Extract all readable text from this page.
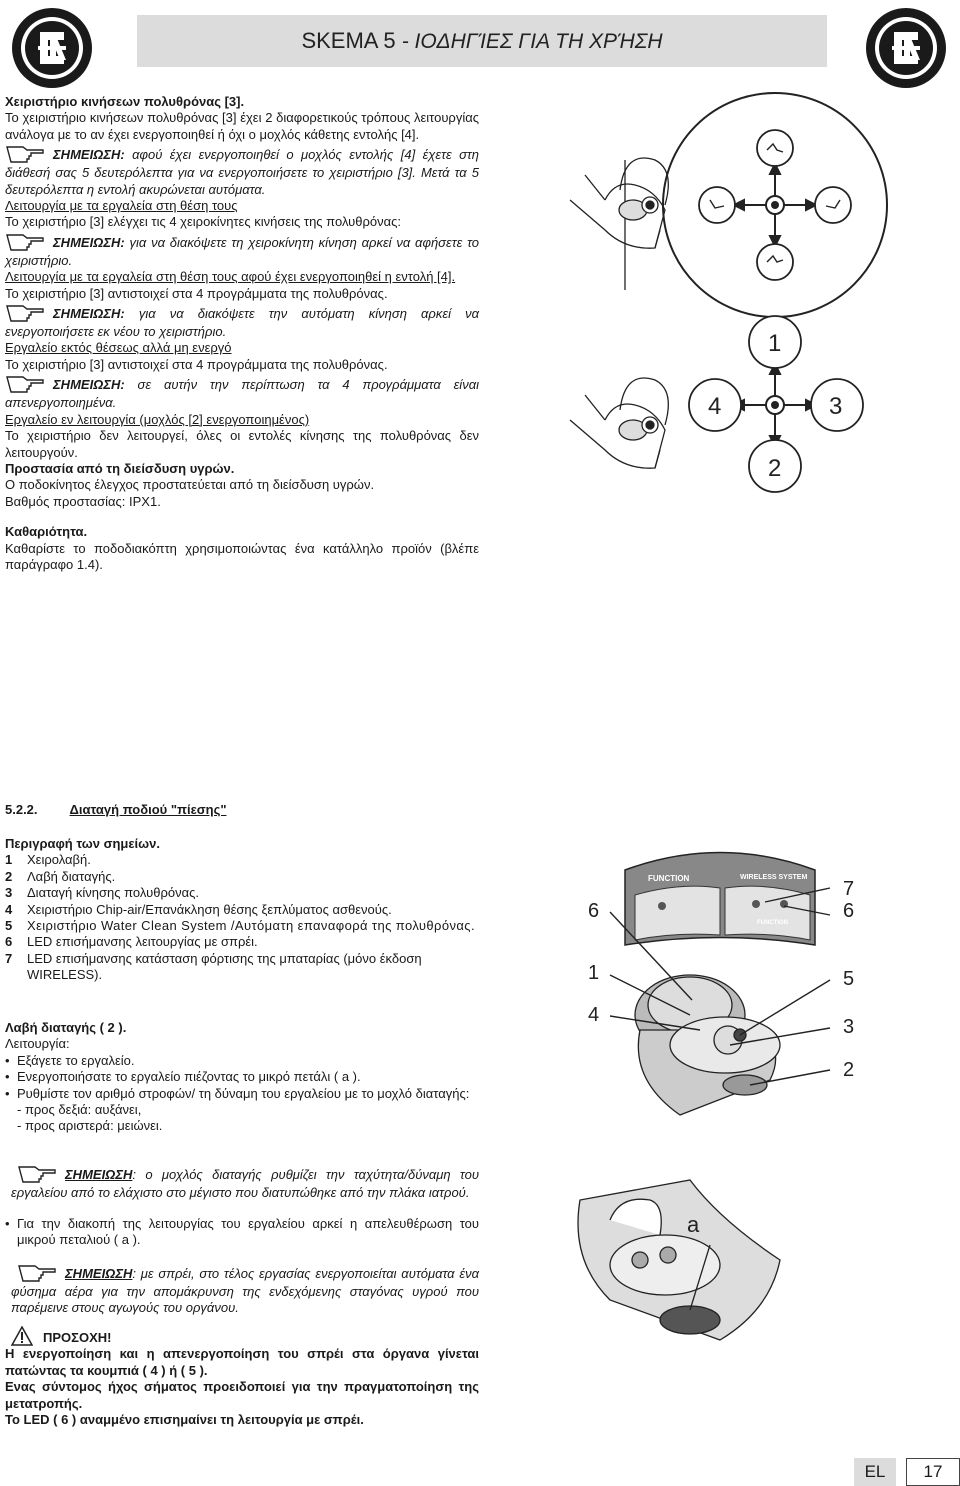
SKEMA 5 - ΙΟΔΗΓΊΕΣ ΓΙΑ ΤΗ ΧΡΉΣΗ

Χειριστήριο κινήσεων πολυθρόνας [3].

Το χειριστήριο κινήσεων πολυθρόνας [3] έχει 2 διαφορετικούς τρόπους λειτουργίας ανάλογα με το αν έχει ενεργοποιηθεί ή όχι ο μοχλός κάθετης εντολής [4].

ΣΗΜΕΙΩΣΗ: αφού έχει ενεργοποιηθεί ο μοχλός εντολής [4] έχετε στη διάθεσή σας 5 δευτερόλεπτα για να ενεργοποιήσετε το χειριστήριο [3]. Μετά τα 5 δευτερόλεπτα η εντολή ακυρώνεται αυτόματα.

Λειτουργία με τα εργαλεία στη θέση τους

Το χειριστήριο [3] ελέγχει τις 4 χειροκίνητες κινήσεις της πολυθρόνας:

ΣΗΜΕΙΩΣΗ: για να διακόψετε τη χειροκίνητη κίνηση αρκεί να αφήσετε το χειριστήριο.

Λειτουργία με τα εργαλεία στη θέση τους αφού έχει ενεργοποιηθεί η εντολή [4].

Το χειριστήριο [3] αντιστοιχεί στα 4 προγράμματα της πολυθρόνας.

ΣΗΜΕΙΩΣΗ: για να διακόψετε την αυτόματη κίνηση αρκεί να ενεργοποιήσετε εκ νέου το χειριστήριο.

Εργαλείο εκτός θέσεως αλλά μη ενεργό

Το χειριστήριο [3] αντιστοιχεί στα 4 προγράμματα της πολυθρόνας.

ΣΗΜΕΙΩΣΗ: σε αυτήν την περίπτωση τα 4 προγράμματα είναι απενεργοποιημένα.

Εργαλείο εν λειτουργία (μοχλός [2] ενεργοποιημένος)

Το χειριστήριο δεν λειτουργεί, όλες οι εντολές κίνησης της πολυθρόνας δεν λειτουργούν.

Προστασία από τη διείσδυση υγρών.

Ο ποδοκίνητος έλεγχος προστατεύεται από τη διείσδυση υγρών.

Βαθμός προστασίας: IPX1.

Καθαριότητα.

Καθαρίστε το ποδοδιακόπτη χρησιμοποιώντας ένα κατάλληλο προϊόν (βλέπε παράγραφο 1.4).

1
2
3
4
5.2.2. Διαταγή ποδιού "πίεσης"

Περιγραφή των σημείων.

1	Χειρολαβή.
2	Λαβή διαταγής.
3	Διαταγή κίνησης πολυθρόνας.
4	Χειριστήριο Chip-air/Επανάκληση θέσης ξεπλύματος ασθενούς.
5	Χειριστήριο Water Clean System /Αυτόματη επαναφορά της πολυθρόνας.
6	LED επισήμανσης λειτουργίας με σπρέι.
7	LED επισήμανσης κατάσταση φόρτισης της μπαταρίας (μόνο έκδοση WIRELESS).

Λαβή διαταγής ( 2 ).

Λειτουργία:

• Εξάγετε το εργαλείο.
• Ενεργοποιήσατε το εργαλείο πιέζοντας το μικρό πετάλι ( a ).
• Ρυθμίστε τον αριθμό στροφών/ τη δύναμη του εργαλείου με το μοχλό διαταγής:

- προς δεξιά: αυξάνει,

- προς αριστερά: μειώνει.

ΣΗΜΕΙΩΣΗ: ο μοχλός διαταγής ρυθμίζει την ταχύτητα/δύναμη του εργαλείου από το ελάχιστο στο μέγιστο που διατυπώθηκε από την πλάκα ιατρού.

• Για την διακοπή της λειτουργίας του εργαλείου αρκεί η απελευθέρωση του μικρού πεταλιού ( a ).

ΣΗΜΕΙΩΣΗ: με σπρέι, στο τέλος εργασίας ενεργοποιείται αυτόματα ένα φύσημα αέρα για την απομάκρυνση της ενδεχόμενης σταγόνας υγρού που παρέμεινε στους αγωγούς του οργάνου.

ΠΡΟΣΟΧΗ!

Η ενεργοποίηση και η απενεργοποίηση του σπρέι στα όργανα γίνεται πατώντας τα κουμπιά ( 4 ) ή ( 5 ).

Ενας σύντομος ήχος σήματος προειδοποιεί για την πραγματοποίηση της μετατροπής.

Το LED ( 6 ) αναμμένο επισημαίνει τη λειτουργία με σπρέι.

FUNCTION	WIRELESS SYSTEM
FUNCTION
6
1
4
7
6
5
3
2
a
EL	17
